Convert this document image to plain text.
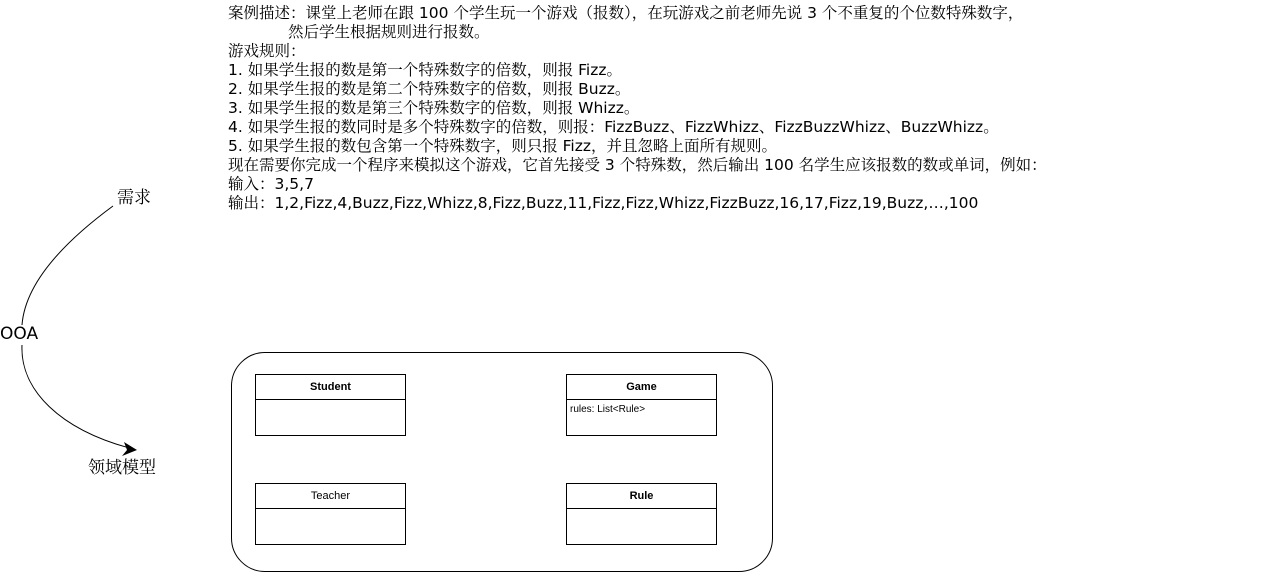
案例描述：课堂上老师在跟 100 个学生玩一个游戏（报数），在玩游戏之前老师先说 3 个不重复的个位数特殊数字，
然后学生根据规则进行报数。
游戏规则：
1. 如果学生报的数是第一个特殊数字的倍数，则报 Fizz。
2. 如果学生报的数是第二个特殊数字的倍数，则报 Buzz。
3. 如果学生报的数是第三个特殊数字的倍数，则报 Whizz。
4. 如果学生报的数同时是多个特殊数字的倍数，则报：FizzBuzz、FizzWhizz、FizzBuzzWhizz、BuzzWhizz。
5. 如果学生报的数包含第一个特殊数字，则只报 Fizz，并且忽略上面所有规则。
现在需要你完成一个程序来模拟这个游戏，它首先接受 3 个特殊数，然后输出 100 名学生应该报数的数或单词，例如：
输入：3,5,7
输出：1,2,Fizz,4,Buzz,Fizz,Whizz,8,Fizz,Buzz,11,Fizz,Fizz,Whizz,FizzBuzz,16,17,Fizz,19,Buzz,…,100
需求
OOA
领域模型
Student	Game
rules: List<Rule>
Teacher	Rule
